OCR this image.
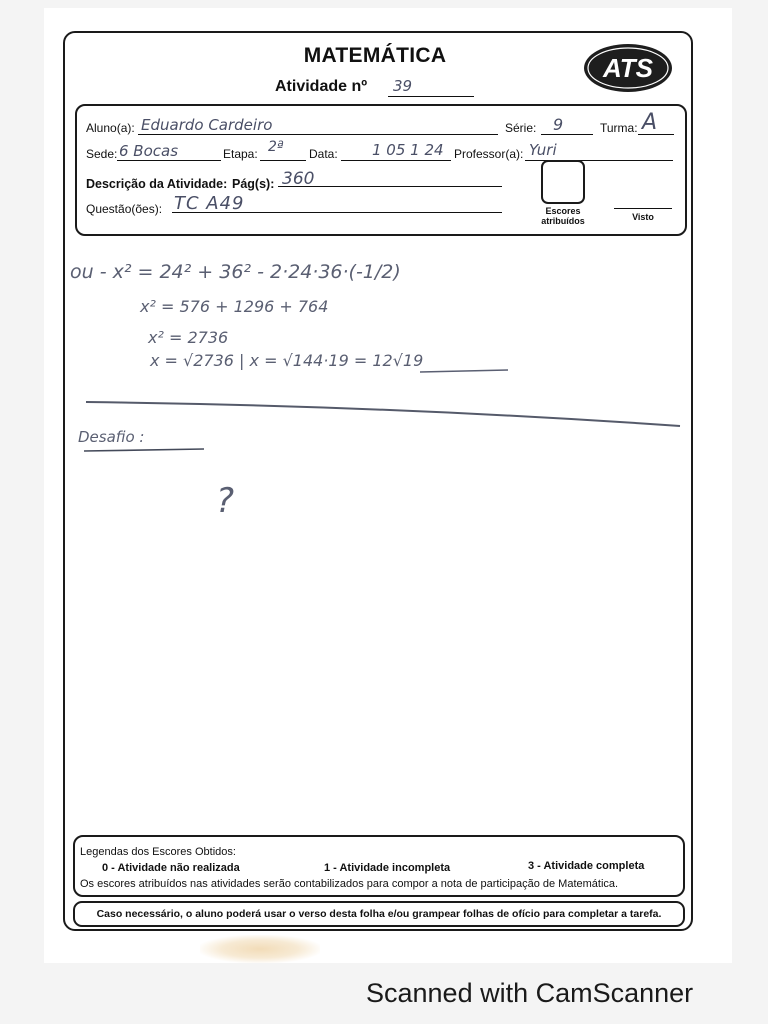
MATEMÁTICA
Atividade nº 39
ATS
Aluno(a): Eduardo Cardeiro	Série: 9	Turma: A
Sede: 6 Bocas	Etapa: 2ª Data: 1 05 1 24 Professor(a): Yuri
Descrição da Atividade: Pág(s): 360
Questão(ões): TC A49	Escores atribuídos	Visto
ou - x² = 24² + 36² - 2·24·36·(-1/2)
x² = 576 + 1296 + 764
x² = 2736
x = √2736 | x = √144·19 = 12√19
Desafio :
?
Legendas dos Escores Obtidos:
0 - Atividade não realizada	1 - Atividade incompleta	3 - Atividade completa
Os escores atribuídos nas atividades serão contabilizados para compor a nota de participação de Matemática.
Caso necessário, o aluno poderá usar o verso desta folha e/ou grampear folhas de ofício para completar a tarefa.
Scanned with CamScanner
